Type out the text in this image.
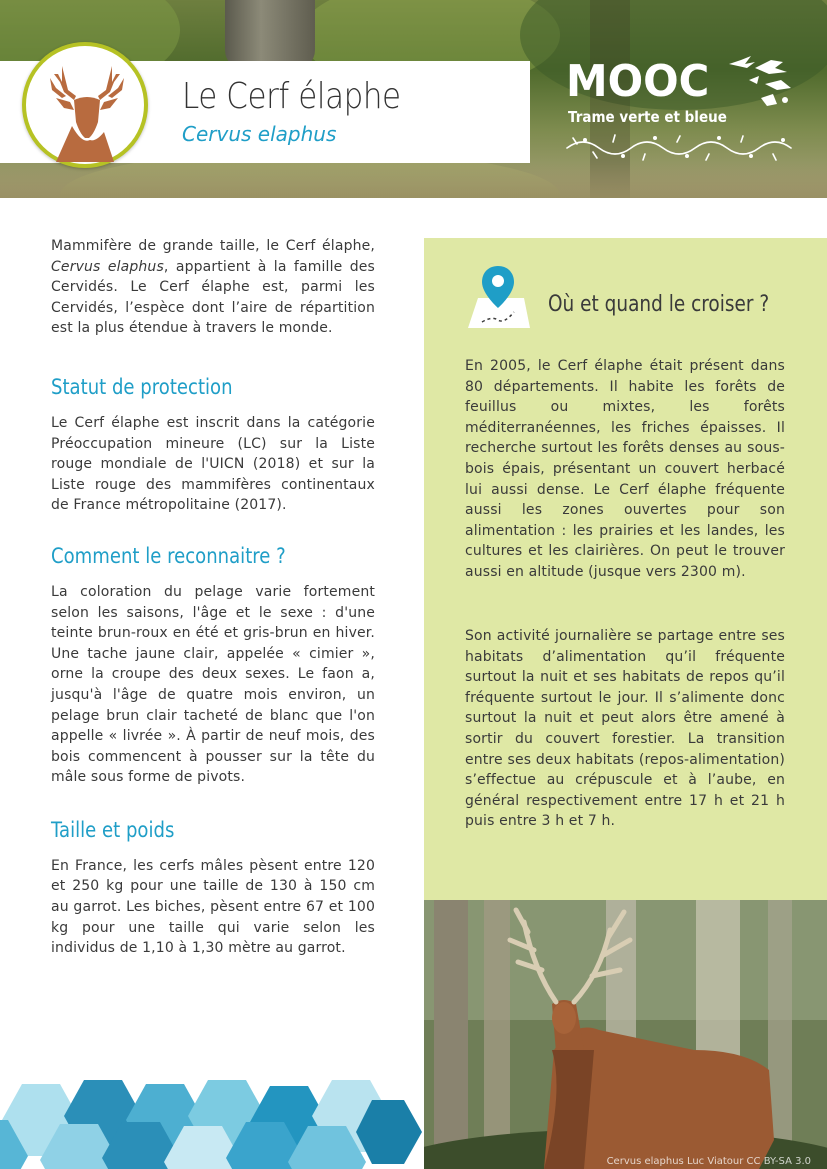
Le Cerf élaphe
Cervus elaphus
MOOC
Trame verte et bleue

Mammifère de grande taille, le Cerf élaphe, Cervus elaphus, appartient à la famille des Cervidés. Le Cerf élaphe est, parmi les Cervidés, l’espèce dont l’aire de répartition est la plus étendue à travers le monde.

Statut de protection

Le Cerf élaphe est inscrit dans la catégorie Préoccupation mineure (LC) sur la Liste rouge mondiale de l'UICN (2018) et sur la Liste rouge des mammifères continentaux de France métropolitaine (2017).

Comment le reconnaitre ?

La coloration du pelage varie fortement selon les saisons, l'âge et le sexe : d'une teinte brun-roux en été et gris-brun en hiver. Une tache jaune clair, appelée « cimier », orne la croupe des deux sexes. Le faon a, jusqu'à l'âge de quatre mois environ, un pelage brun clair tacheté de blanc que l'on appelle « livrée ». À partir de neuf mois, des bois commencent à pousser sur la tête du mâle sous forme de pivots.

Taille et poids

En France, les cerfs mâles pèsent entre 120 et 250 kg pour une taille de 130 à 150 cm au garrot. Les biches, pèsent entre 67 et 100 kg pour une taille qui varie selon les individus de 1,10 à 1,30 mètre au garrot.

Où et quand le croiser ?

En 2005, le Cerf élaphe était présent dans 80 départements. Il habite les forêts de feuillus ou mixtes, les forêts méditerranéennes, les friches épaisses. Il recherche surtout les forêts denses au sous-bois épais, présentant un couvert herbacé lui aussi dense. Le Cerf élaphe fréquente aussi les zones ouvertes pour son alimentation : les prairies et les landes, les cultures et les clairières. On peut le trouver aussi en altitude (jusque vers 2300 m).

Son activité journalière se partage entre ses habitats d’alimentation qu’il fréquente surtout la nuit et ses habitats de repos qu’il fréquente surtout le jour. Il s’alimente donc surtout la nuit et peut alors être amené à sortir du couvert forestier. La transition entre ses deux habitats (repos-alimentation) s’effectue au crépuscule et à l’aube, en général respectivement entre 17 h et 21 h puis entre 3 h et 7 h.

Cervus elaphus Luc Viatour CC BY-SA 3.0
